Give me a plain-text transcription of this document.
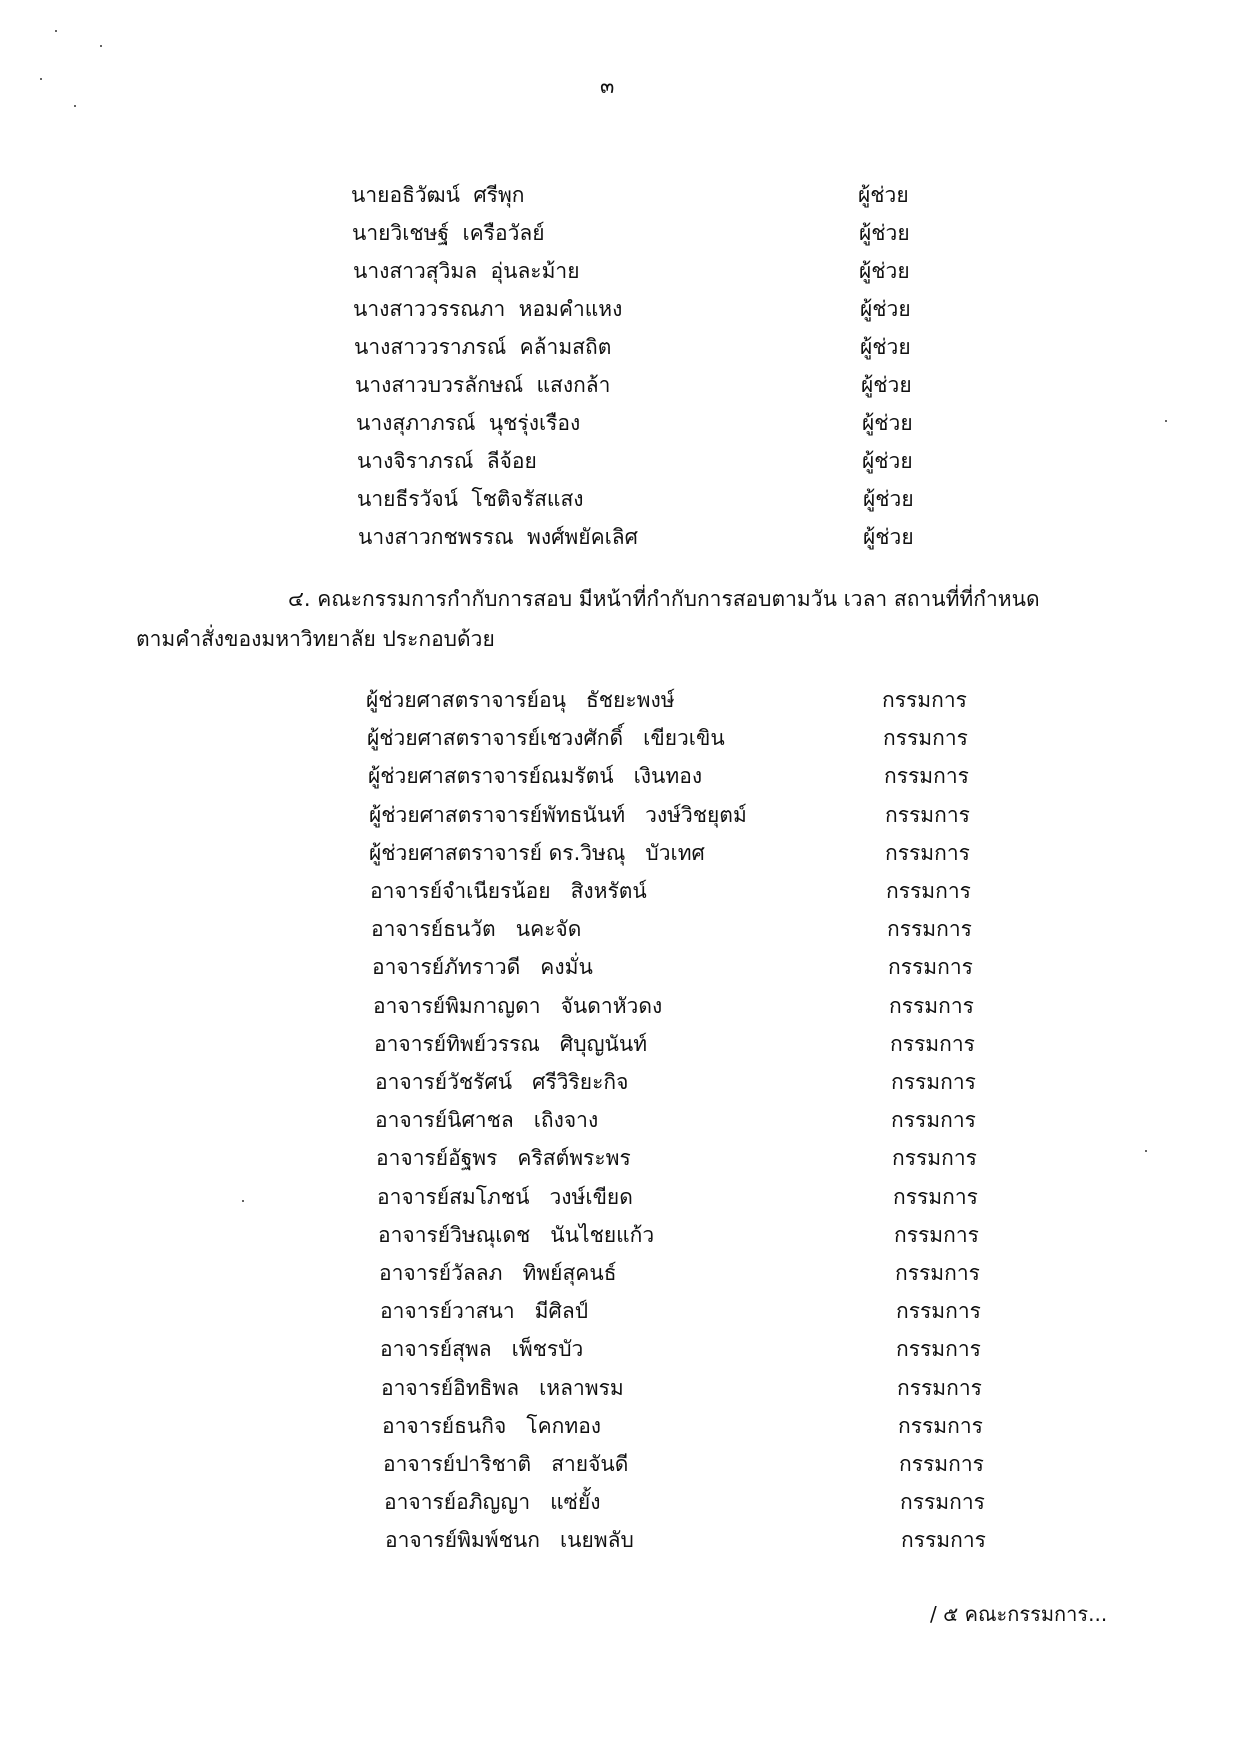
๓
นายอธิวัฒน์  ศรีพุก	ผู้ช่วย
นายวิเชษฐ์  เครือวัลย์	ผู้ช่วย
นางสาวสุวิมล  อุ่นละม้าย	ผู้ช่วย
นางสาววรรณภา  หอมคำแหง	ผู้ช่วย
นางสาววราภรณ์  คล้ามสถิต	ผู้ช่วย
นางสาวบวรลักษณ์  แสงกล้า	ผู้ช่วย
นางสุภาภรณ์  นุชรุ่งเรือง	ผู้ช่วย
นางจิราภรณ์  ลีจ้อย	ผู้ช่วย
นายธีรวัจน์  โชติจรัสแสง	ผู้ช่วย
นางสาวกชพรรณ  พงศ์พยัคเลิศ	ผู้ช่วย
๔. คณะกรรมการกำกับการสอบ มีหน้าที่กำกับการสอบตามวัน เวลา สถานที่ที่กำหนด
ตามคำสั่งของมหาวิทยาลัย ประกอบด้วย
ผู้ช่วยศาสตราจารย์อนุ   ธัชยะพงษ์	กรรมการ
ผู้ช่วยศาสตราจารย์เชวงศักดิ์   เขียวเขิน	กรรมการ
ผู้ช่วยศาสตราจารย์ณมรัตน์   เงินทอง	กรรมการ
ผู้ช่วยศาสตราจารย์พัทธนันท์   วงษ์วิชยุตม์	กรรมการ
ผู้ช่วยศาสตราจารย์ ดร.วิษณุ   บัวเทศ	กรรมการ
อาจารย์จำเนียรน้อย   สิงหรัตน์	กรรมการ
อาจารย์ธนวัต   นคะจัด	กรรมการ
อาจารย์ภัทราวดี   คงมั่น	กรรมการ
อาจารย์พิมกาญดา   จันดาหัวดง	กรรมการ
อาจารย์ทิพย์วรรณ   ศิบุญนันท์	กรรมการ
อาจารย์วัชรัศน์   ศรีวิริยะกิจ	กรรมการ
อาจารย์นิศาชล   เถิงจาง	กรรมการ
อาจารย์อัฐพร   คริสต์พระพร	กรรมการ
อาจารย์สมโภชน์   วงษ์เขียด	กรรมการ
อาจารย์วิษณุเดช   นันไชยแก้ว	กรรมการ
อาจารย์วัลลภ   ทิพย์สุคนธ์	กรรมการ
อาจารย์วาสนา   มีศิลป์	กรรมการ
อาจารย์สุพล   เพ็ชรบัว	กรรมการ
อาจารย์อิทธิพล   เหลาพรม	กรรมการ
อาจารย์ธนกิจ   โคกทอง	กรรมการ
อาจารย์ปาริชาติ   สายจันดี	กรรมการ
อาจารย์อภิญญา   แซ่ยั้ง	กรรมการ
อาจารย์พิมพ์ชนก   เนยพลับ	กรรมการ
/ ๕ คณะกรรมการ...
